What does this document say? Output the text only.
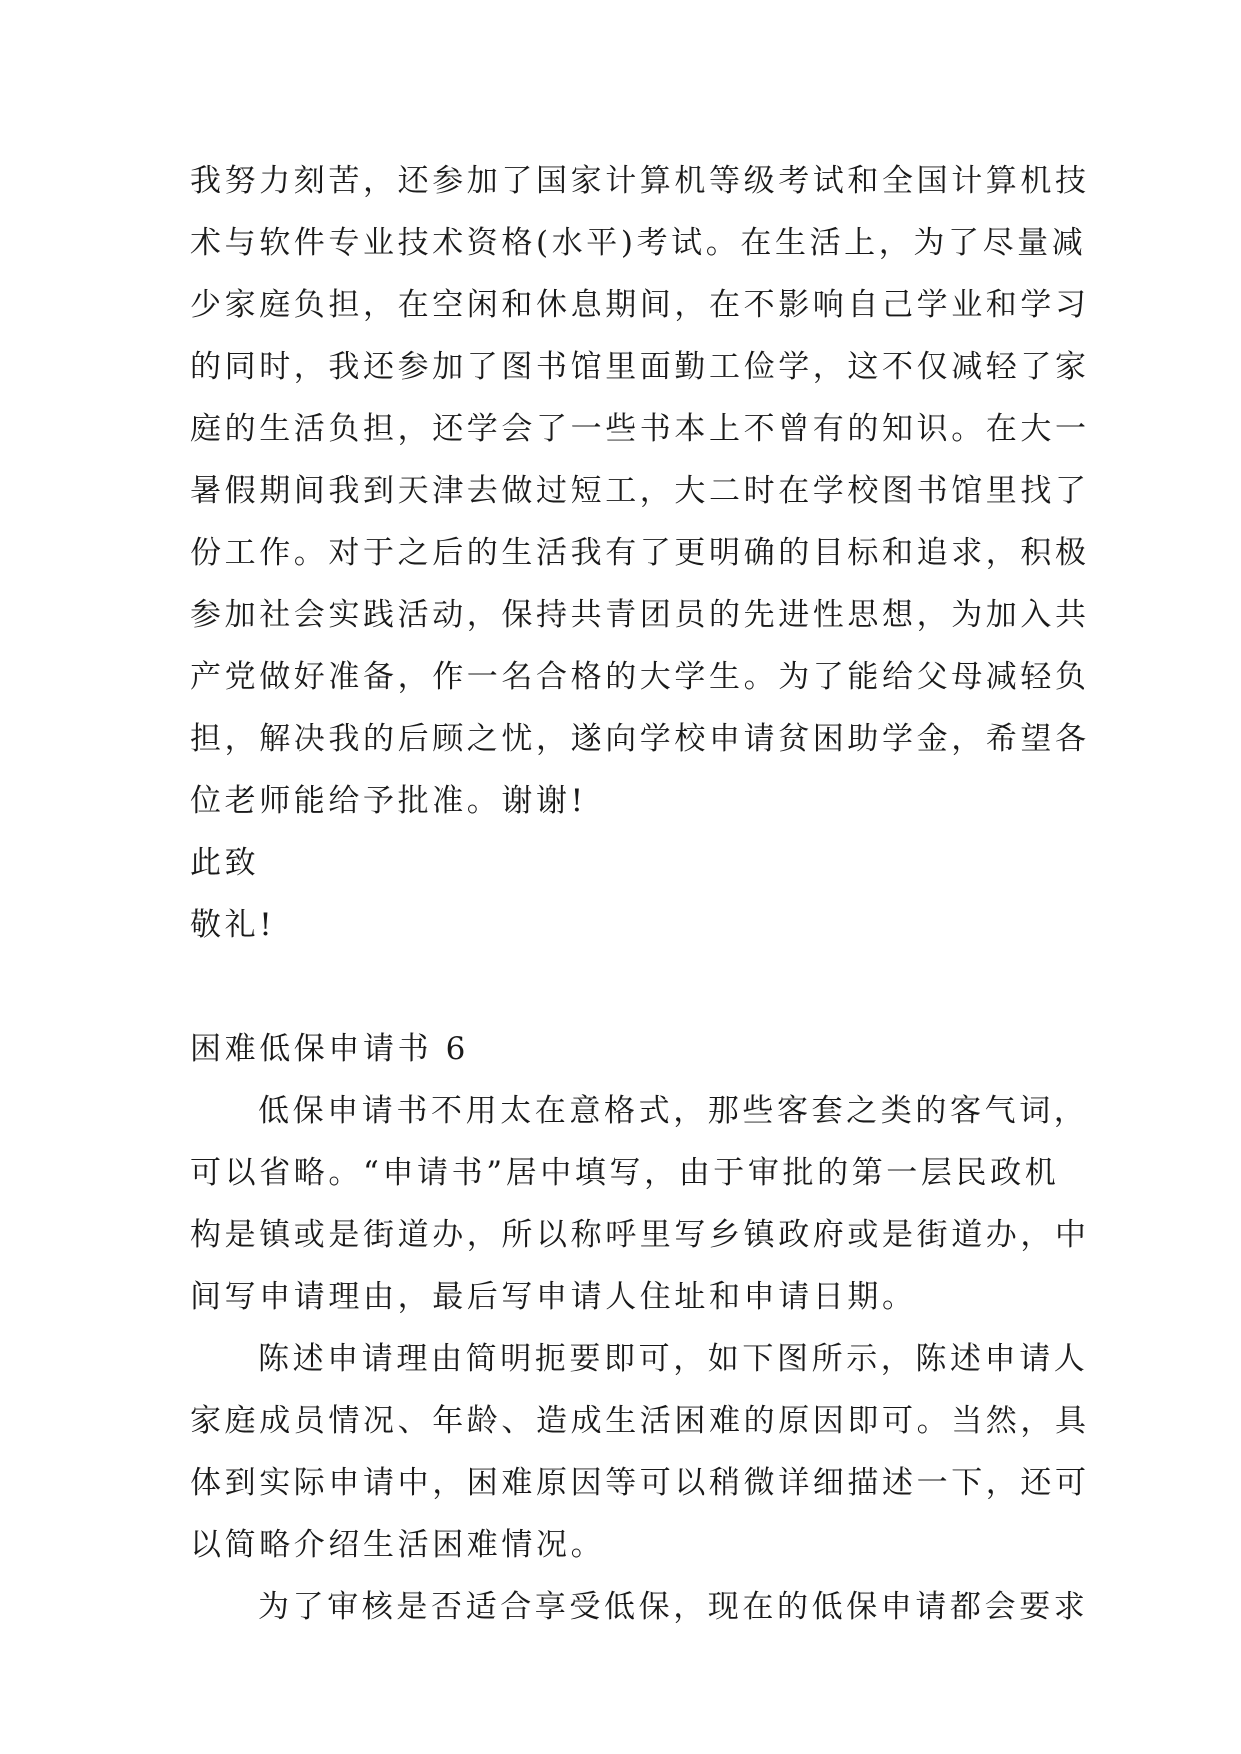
我努力刻苦，还参加了国家计算机等级考试和全国计算机技
术与软件专业技术资格(水平)考试。在生活上，为了尽量减
少家庭负担，在空闲和休息期间，在不影响自己学业和学习
的同时，我还参加了图书馆里面勤工俭学，这不仅减轻了家
庭的生活负担，还学会了一些书本上不曾有的知识。在大一
暑假期间我到天津去做过短工，大二时在学校图书馆里找了
份工作。对于之后的生活我有了更明确的目标和追求，积极
参加社会实践活动，保持共青团员的先进性思想，为加入共
产党做好准备，作一名合格的大学生。为了能给父母减轻负
担，解决我的后顾之忧，遂向学校申请贫困助学金，希望各
位老师能给予批准。谢谢!
此致
敬礼!
困难低保申请书 6
低保申请书不用太在意格式，那些客套之类的客气词，
可以省略。“申请书”居中填写，由于审批的第一层民政机
构是镇或是街道办，所以称呼里写乡镇政府或是街道办，中
间写申请理由，最后写申请人住址和申请日期。
陈述申请理由简明扼要即可，如下图所示，陈述申请人
家庭成员情况、年龄、造成生活困难的原因即可。当然，具
体到实际申请中，困难原因等可以稍微详细描述一下，还可
以简略介绍生活困难情况。
为了审核是否适合享受低保，现在的低保申请都会要求
